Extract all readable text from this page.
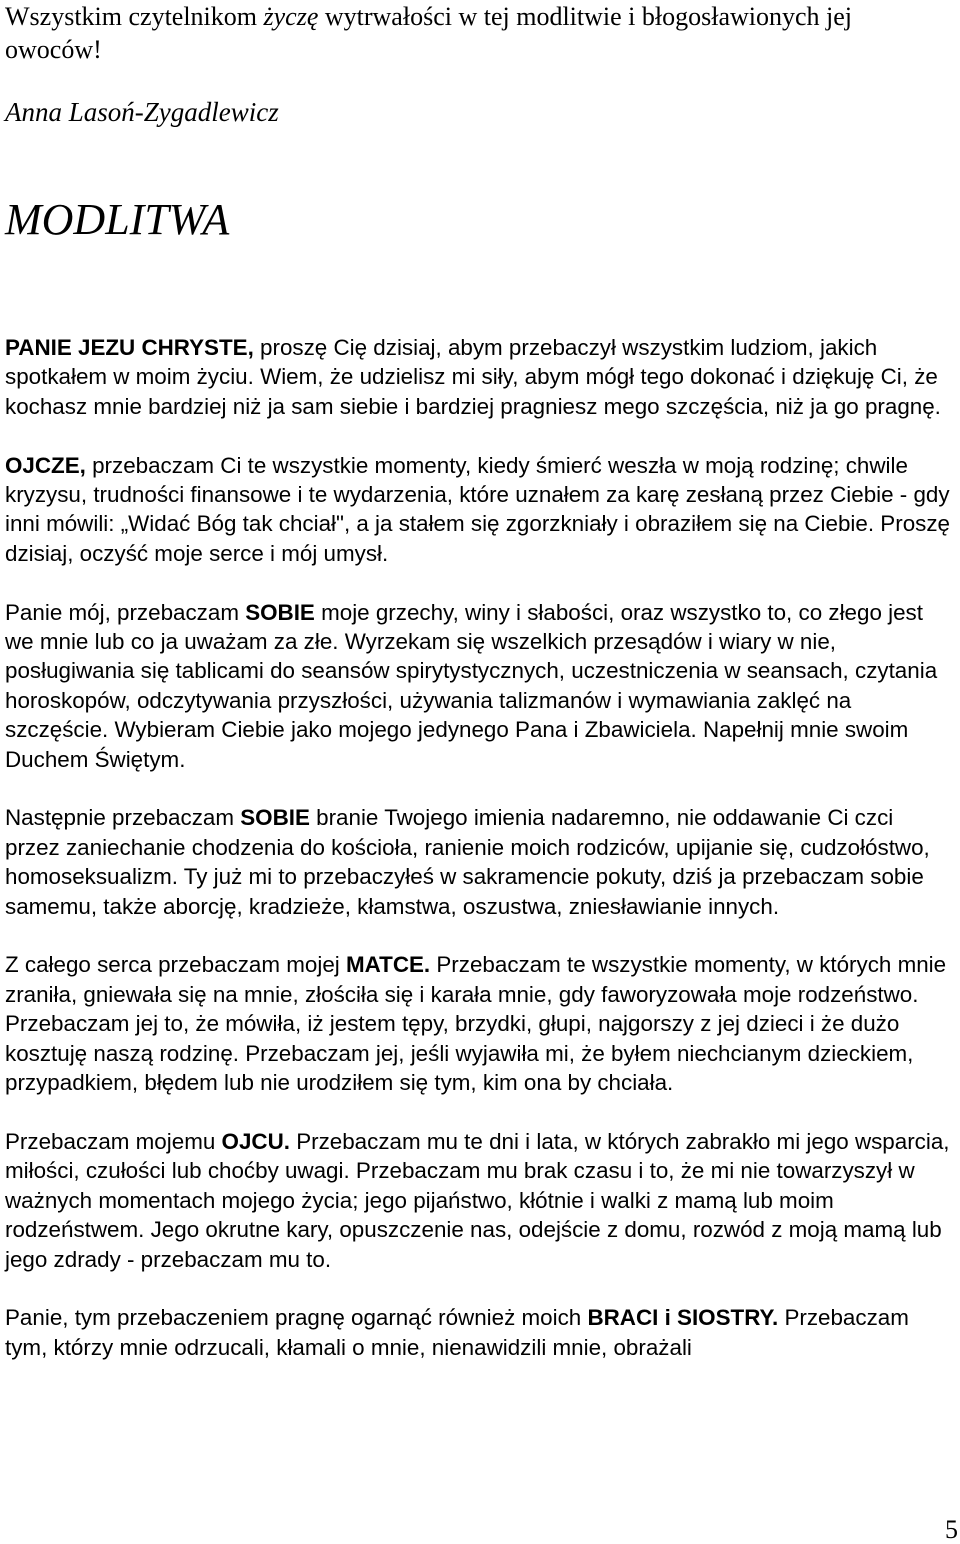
Wszystkim czytelnikom życzę wytrwałości w tej modlitwie i błogosławionych jej owoców!

Anna Lasoń-Zygadlewicz

MODLITWA

PANIE JEZU CHRYSTE, proszę Cię dzisiaj, abym przebaczył wszystkim ludziom, jakich spotkałem w moim życiu. Wiem, że udzielisz mi siły, abym mógł tego dokonać i dziękuję Ci, że kochasz mnie bardziej niż ja sam siebie i bardziej pragniesz mego szczęścia, niż ja go pragnę.

OJCZE, przebaczam Ci te wszystkie momenty, kiedy śmierć weszła w moją rodzinę; chwile kryzysu, trudności finansowe i te wydarzenia, które uznałem za karę zesłaną przez Ciebie - gdy inni mówili: „Widać Bóg tak chciał", a ja stałem się zgorzkniały i obraziłem się na Ciebie. Proszę dzisiaj, oczyść moje serce i mój umysł.

Panie mój, przebaczam SOBIE moje grzechy, winy i słabości, oraz wszystko to, co złego jest we mnie lub co ja uważam za złe. Wyrzekam się wszelkich przesądów i wiary w nie, posługiwania się tablicami do seansów spirytystycznych, uczestniczenia w seansach, czytania horoskopów, odczytywania przyszłości, używania talizmanów i wymawiania zaklęć na szczęście. Wybieram Ciebie jako mojego jedynego Pana i Zbawiciela. Napełnij mnie swoim Duchem Świętym.

Następnie przebaczam SOBIE branie Twojego imienia nadaremno, nie oddawanie Ci czci przez zaniechanie chodzenia do kościoła, ranienie moich rodziców, upijanie się, cudzołóstwo, homoseksualizm. Ty już mi to przebaczyłeś w sakramencie pokuty, dziś ja przebaczam sobie samemu, także aborcję, kradzieże, kłamstwa, oszustwa, zniesławianie innych.

Z całego serca przebaczam mojej MATCE. Przebaczam te wszystkie momenty, w których mnie zraniła, gniewała się na mnie, złościła się i karała mnie, gdy faworyzowała moje rodzeństwo. Przebaczam jej to, że mówiła, iż jestem tępy, brzydki, głupi, najgorszy z jej dzieci i że dużo kosztuję naszą rodzinę. Przebaczam jej, jeśli wyjawiła mi, że byłem niechcianym dzieckiem, przypadkiem, błędem lub nie urodziłem się tym, kim ona by chciała.

Przebaczam mojemu OJCU. Przebaczam mu te dni i lata, w których zabrakło mi jego wsparcia, miłości, czułości lub choćby uwagi. Przebaczam mu brak czasu i to, że mi nie towarzyszył w ważnych momentach mojego życia; jego pijaństwo, kłótnie i walki z mamą lub moim rodzeństwem. Jego okrutne kary, opuszczenie nas, odejście z domu, rozwód z moją mamą lub jego zdrady - przebaczam mu to.

Panie, tym przebaczeniem pragnę ogarnąć również moich BRACI i SIOSTRY. Przebaczam tym, którzy mnie odrzucali, kłamali o mnie, nienawidzili mnie, obrażali

5
